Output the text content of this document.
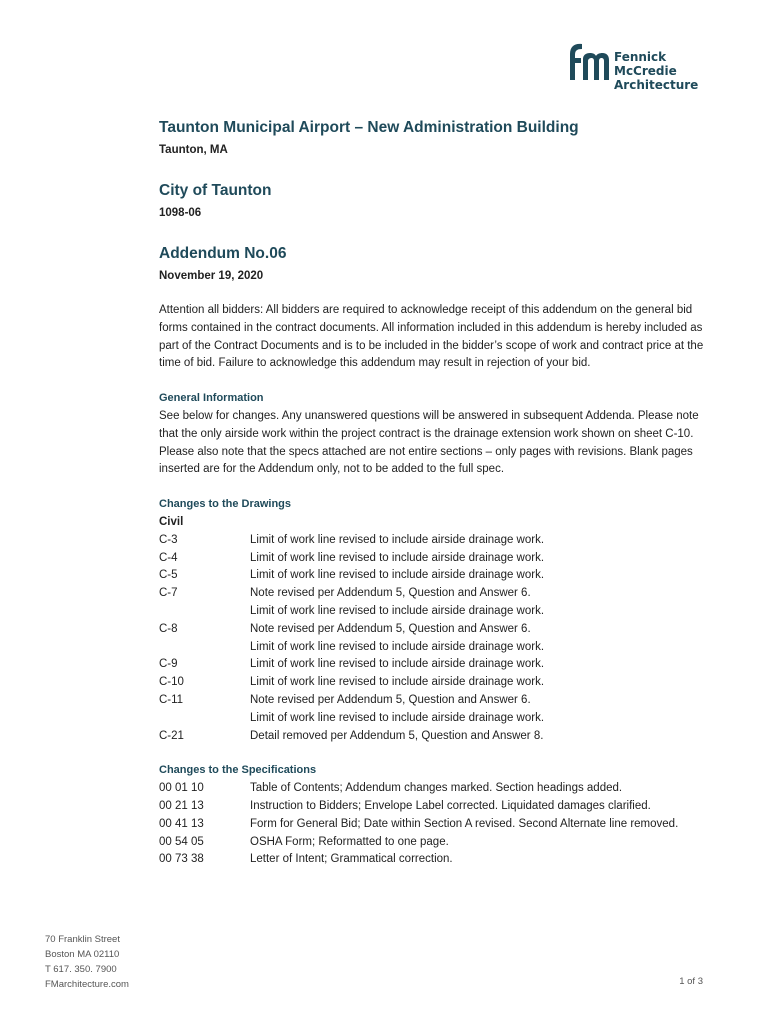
Fennick
McCredie
Architecture
Taunton Municipal Airport – New Administration Building
Taunton, MA
City of Taunton
1098-06
Addendum No.06
November 19, 2020

Attention all bidders: All bidders are required to acknowledge receipt of this addendum on the general bid forms contained in the contract documents. All information included in this addendum is hereby included as part of the Contract Documents and is to be included in the bidder’s scope of work and contract price at the time of bid. Failure to acknowledge this addendum may result in rejection of your bid.

General Information

See below for changes. Any unanswered questions will be answered in subsequent Addenda. Please note that the only airside work within the project contract is the drainage extension work shown on sheet C-10. Please also note that the specs attached are not entire sections – only pages with revisions. Blank pages inserted are for the Addendum only, not to be added to the full spec.

Changes to the Drawings
Civil
C-3	Limit of work line revised to include airside drainage work.
C-4	Limit of work line revised to include airside drainage work.
C-5	Limit of work line revised to include airside drainage work.
C-7	Note revised per Addendum 5, Question and Answer 6.
Limit of work line revised to include airside drainage work.
C-8	Note revised per Addendum 5, Question and Answer 6.
Limit of work line revised to include airside drainage work.
C-9	Limit of work line revised to include airside drainage work.
C-10	Limit of work line revised to include airside drainage work.
C-11	Note revised per Addendum 5, Question and Answer 6.
Limit of work line revised to include airside drainage work.
C-21	Detail removed per Addendum 5, Question and Answer 8.
Changes to the Specifications
00 01 10	Table of Contents; Addendum changes marked. Section headings added.
00 21 13	Instruction to Bidders; Envelope Label corrected. Liquidated damages clarified.
00 41 13	Form for General Bid; Date within Section A revised. Second Alternate line removed.
00 54 05	OSHA Form; Reformatted to one page.
00 73 38	Letter of Intent; Grammatical correction.
70 Franklin Street
Boston MA 02110
T 617. 350. 7900
FMarchitecture.com	1 of 3
